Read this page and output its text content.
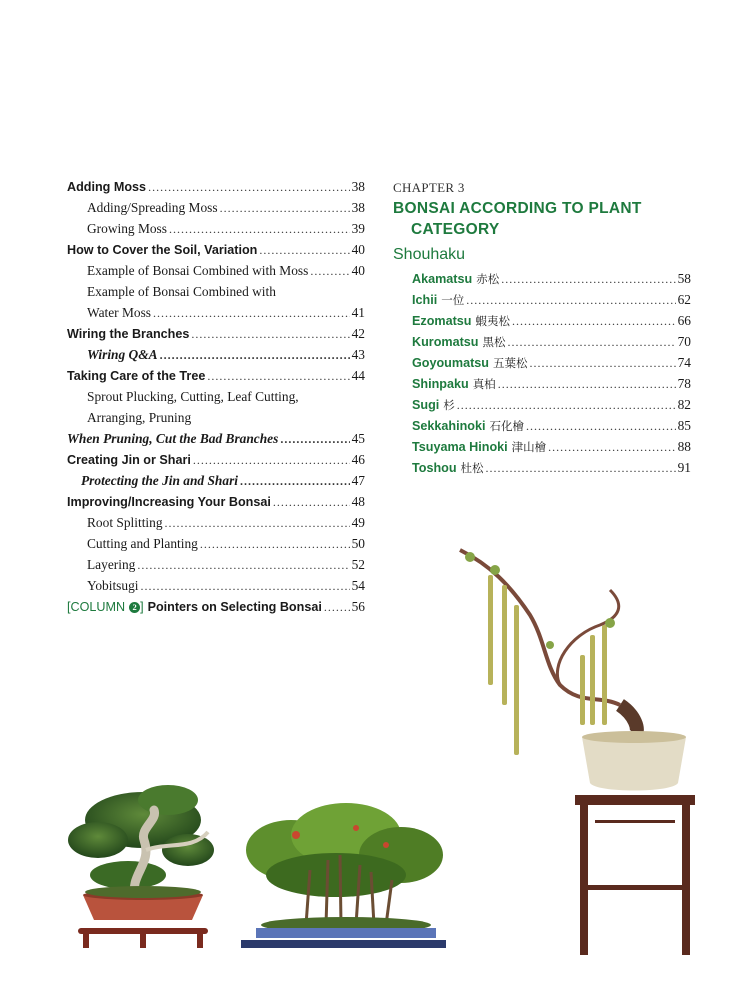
Adding Moss .....	38
Adding/Spreading Moss .....	38
Growing Moss .....	39
How to Cover the Soil, Variation .....	40
Example of Bonsai Combined with Moss .....	40
Example of Bonsai Combined with
Water Moss .....	41
Wiring the Branches .....	42
Wiring Q&A .....	43
Taking Care of the Tree .....	44
Sprout Plucking, Cutting, Leaf Cutting,
Arranging, Pruning
When Pruning, Cut the Bad Branches .....	45
Creating Jin or Shari .....	46
Protecting the Jin and Shari .....	47
Improving/Increasing Your Bonsai .....	48
Root Splitting .....	49
Cutting and Planting .....	50
Layering .....	52
Yobitsugi .....	54
[COLUMN 2 ] Pointers on Selecting Bonsai ..... 56
CHAPTER 3
BONSAI ACCORDING TO PLANT
CATEGORY
Shouhaku
Akamatsu 赤松 .....	58
Ichii 一位 .....	62
Ezomatsu 蝦夷松 .....	66
Kuromatsu 黒松 .....	70
Goyoumatsu 五葉松 .....	74
Shinpaku 真柏 .....	78
Sugi 杉 .....	82
Sekkahinoki 石化檜 .....	85
Tsuyama Hinoki 津山檜 .....	88
Toshou 杜松 .....	91
